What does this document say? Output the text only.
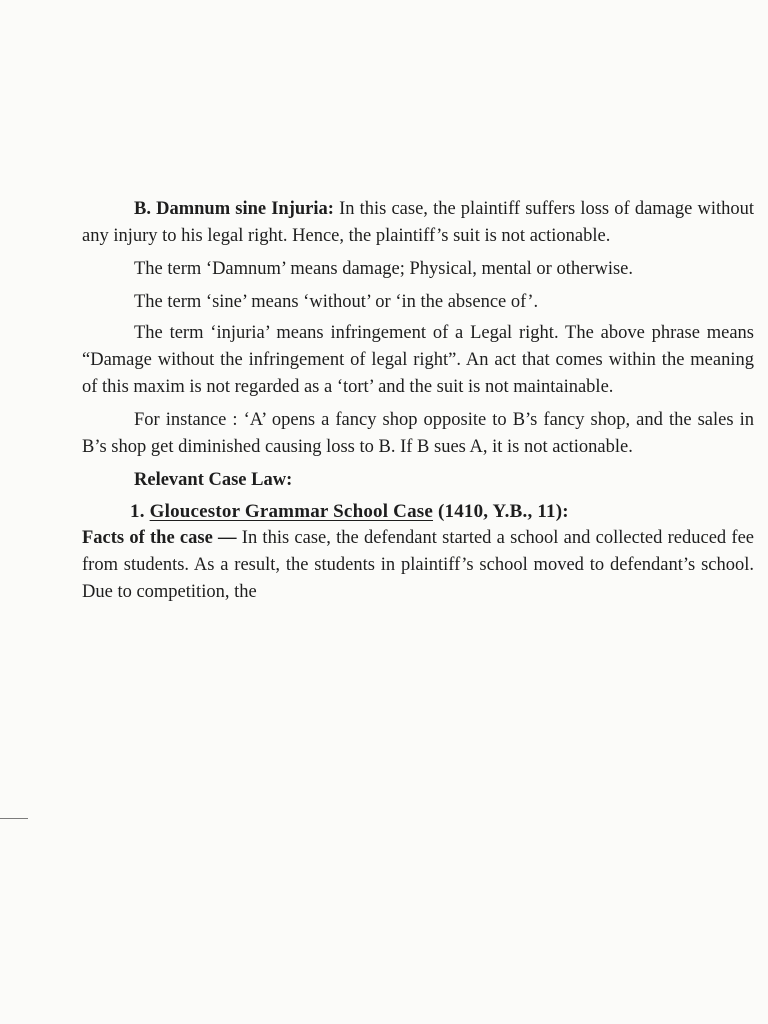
B. Damnum sine Injuria: In this case, the plaintiff suffers loss of damage without any injury to his legal right. Hence, the plaintiff’s suit is not actionable.

The term ‘Damnum’ means damage; Physical, mental or otherwise.

The term ‘sine’ means ‘without’ or ‘in the absence of’.

The term ‘injuria’ means infringement of a Legal right. The above phrase means “Damage without the infringement of legal right”. An act that comes within the meaning of this maxim is not regarded as a ‘tort’ and the suit is not maintainable.

For instance : ‘A’ opens a fancy shop opposite to B’s fancy shop, and the sales in B’s shop get diminished causing loss to B. If B sues A, it is not actionable.

Relevant Case Law:

1. Gloucestor Grammar School Case (1410, Y.B., 11):

Facts of the case — In this case, the defendant started a school and collected reduced fee from students. As a result, the students in plaintiff’s school moved to defendant’s school. Due to competition, the
